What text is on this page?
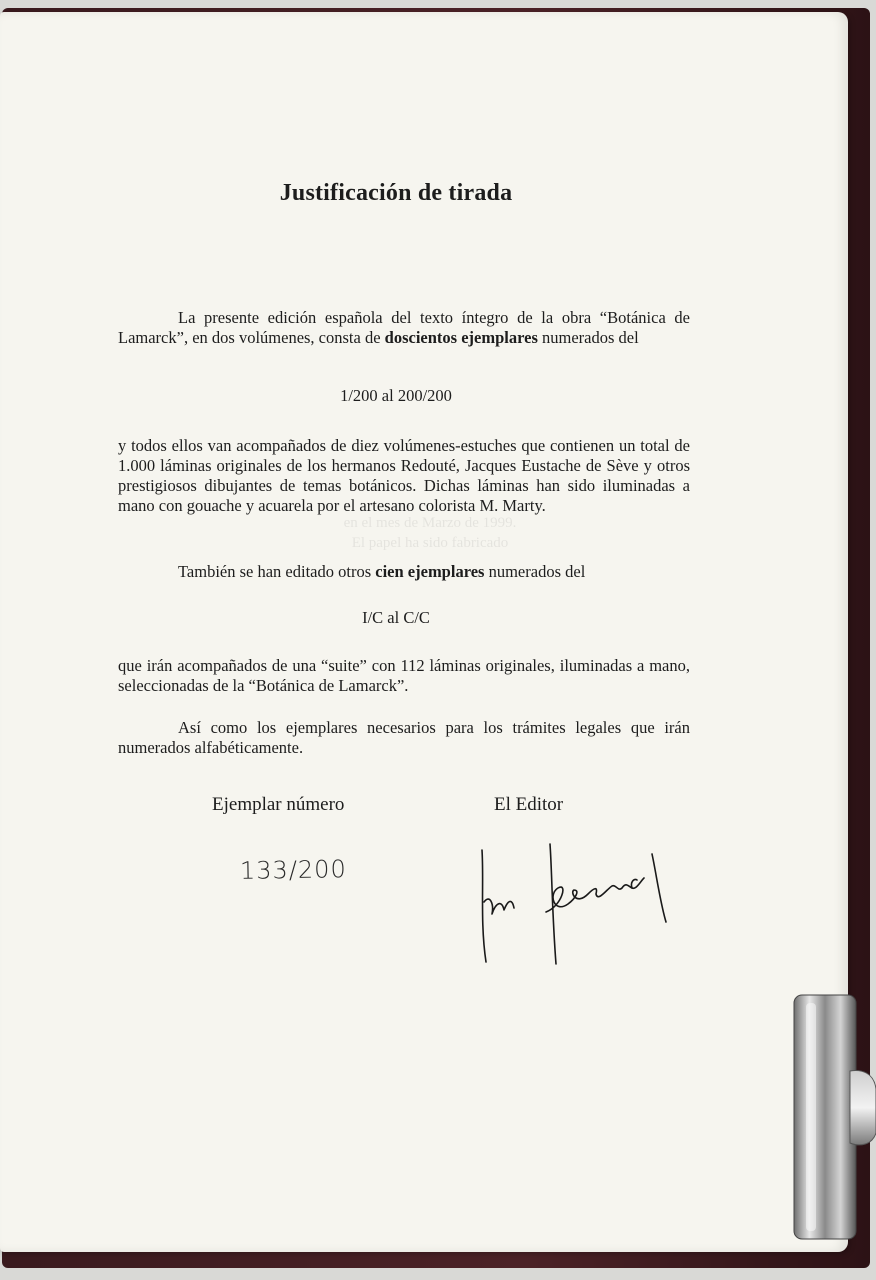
Justificación de tirada
La presente edición española del texto íntegro de la obra “Botánica de Lamarck”, en dos volúmenes, consta de doscientos ejemplares numerados del
1/200 al 200/200
y todos ellos van acompañados de diez volúmenes-estuches que contienen un total de 1.000 láminas originales de los hermanos Redouté, Jacques Eustache de Sève y otros prestigiosos dibujantes de temas botánicos. Dichas láminas han sido iluminadas a mano con gouache y acuarela por el artesano colorista M. Marty.
en el mes de Marzo de 1999.
El papel ha sido fabricado
También se han editado otros cien ejemplares numerados del
I/C al C/C
que irán acompañados de una “suite” con 112 láminas originales, iluminadas a mano, seleccionadas de la “Botánica de Lamarck”.
Así como los ejemplares necesarios para los trámites legales que irán numerados alfabéticamente.
Ejemplar número	El Editor
133/200
